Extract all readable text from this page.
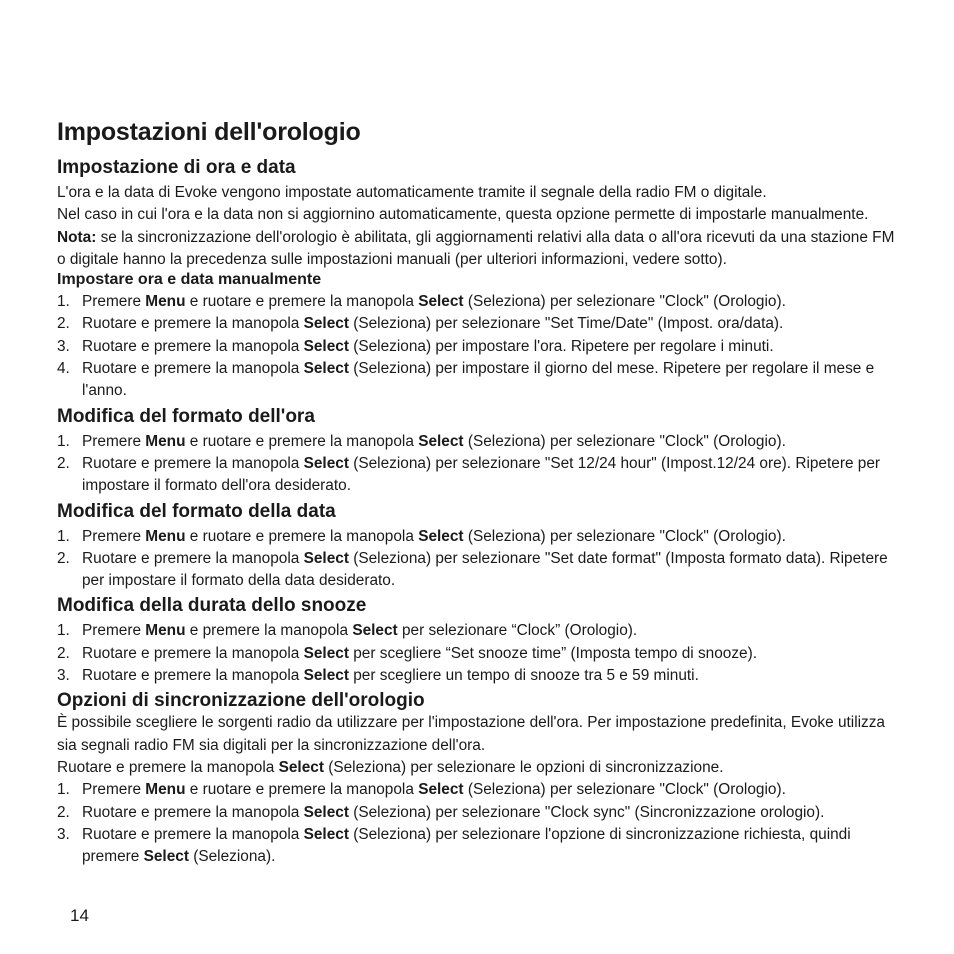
Impostazioni dell'orologio
Impostazione di ora e data

L'ora e la data di Evoke vengono impostate automaticamente tramite il segnale della radio FM o digitale.

Nel caso in cui l'ora e la data non si aggiornino automaticamente, questa opzione permette di impostarle manualmente.

Nota: se la sincronizzazione dell'orologio è abilitata, gli aggiornamenti relativi alla data o all'ora ricevuti da una stazione FM o digitale hanno la precedenza sulle impostazioni manuali (per ulteriori informazioni, vedere sotto).

Impostare ora e data manualmente
1. Premere Menu e ruotare e premere la manopola Select (Seleziona) per selezionare "Clock" (Orologio).
2. Ruotare e premere la manopola Select (Seleziona) per selezionare "Set Time/Date" (Impost. ora/data).
3. Ruotare e premere la manopola Select (Seleziona) per impostare l'ora. Ripetere per regolare i minuti.
4. Ruotare e premere la manopola Select (Seleziona) per impostare il giorno del mese. Ripetere per regolare il mese e l'anno.
Modifica del formato dell'ora
1. Premere Menu e ruotare e premere la manopola Select (Seleziona) per selezionare "Clock" (Orologio).
2. Ruotare e premere la manopola Select (Seleziona) per selezionare "Set 12/24 hour" (Impost.12/24 ore). Ripetere per impostare il formato dell'ora desiderato.
Modifica del formato della data
1. Premere Menu e ruotare e premere la manopola Select (Seleziona) per selezionare "Clock" (Orologio).
2. Ruotare e premere la manopola Select (Seleziona) per selezionare "Set date format" (Imposta formato data). Ripetere per impostare il formato della data desiderato.
Modifica della durata dello snooze
1. Premere Menu e premere la manopola Select per selezionare “Clock” (Orologio).
2. Ruotare e premere la manopola Select per scegliere “Set snooze time” (Imposta tempo di snooze).
3. Ruotare e premere la manopola Select per scegliere un tempo di snooze tra 5 e 59 minuti.
Opzioni di sincronizzazione dell'orologio

È possibile scegliere le sorgenti radio da utilizzare per l'impostazione dell'ora. Per impostazione predefinita, Evoke utilizza sia segnali radio FM sia digitali per la sincronizzazione dell'ora.

Ruotare e premere la manopola Select (Seleziona) per selezionare le opzioni di sincronizzazione.

1. Premere Menu e ruotare e premere la manopola Select (Seleziona) per selezionare "Clock" (Orologio).
2. Ruotare e premere la manopola Select (Seleziona) per selezionare "Clock sync" (Sincronizzazione orologio).
3. Ruotare e premere la manopola Select (Seleziona) per selezionare l'opzione di sincronizzazione richiesta, quindi premere Select (Seleziona).
14
